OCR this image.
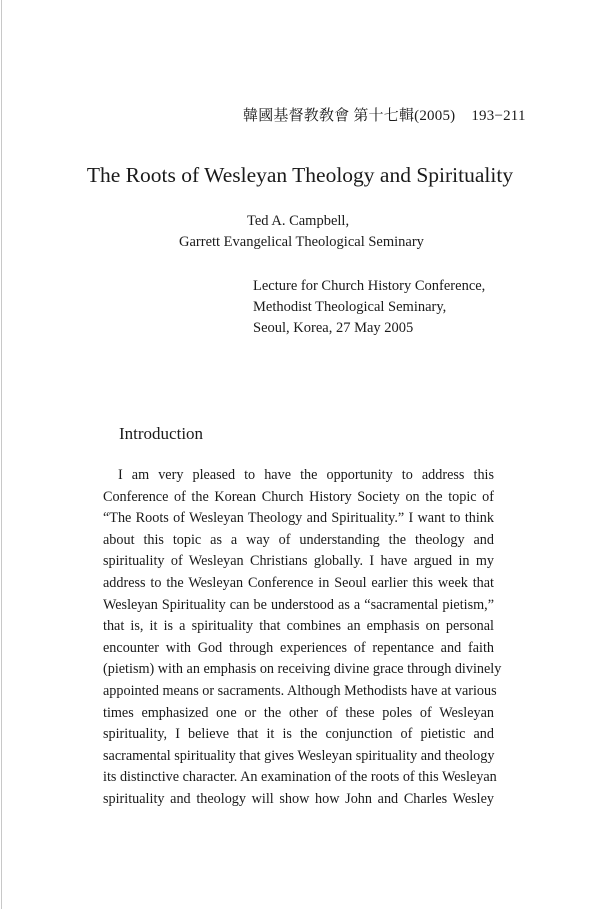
韓國基督教敎會 第十七輯(2005) 193−211
The Roots of Wesleyan Theology and Spirituality
Ted A. Campbell,
Garrett Evangelical Theological Seminary
Lecture for Church History Conference,
Methodist Theological Seminary,
Seoul, Korea, 27 May 2005
Introduction
I am very pleased to have the opportunity to address this
Conference of the Korean Church History Society on the topic of
“The Roots of Wesleyan Theology and Spirituality.” I want to think
about this topic as a way of understanding the theology and
spirituality of Wesleyan Christians globally. I have argued in my
address to the Wesleyan Conference in Seoul earlier this week that
Wesleyan Spirituality can be understood as a “sacramental pietism,”
that is, it is a spirituality that combines an emphasis on personal
encounter with God through experiences of repentance and faith
(pietism) with an emphasis on receiving divine grace through divinely
appointed means or sacraments. Although Methodists have at various
times emphasized one or the other of these poles of Wesleyan
spirituality, I believe that it is the conjunction of pietistic and
sacramental spirituality that gives Wesleyan spirituality and theology
its distinctive character. An examination of the roots of this Wesleyan
spirituality and theology will show how John and Charles Wesley
